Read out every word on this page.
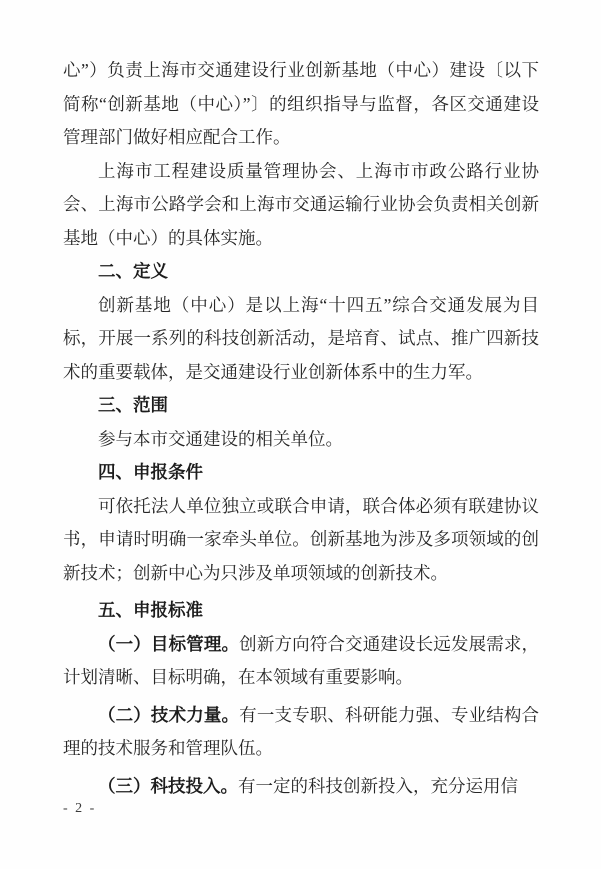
心”）负责上海市交通建设行业创新基地（中心）建设〔以下简称“创新基地（中心）”〕的组织指导与监督，各区交通建设管理部门做好相应配合工作。

上海市工程建设质量管理协会、上海市市政公路行业协会、上海市公路学会和上海市交通运输行业协会负责相关创新基地（中心）的具体实施。

二、定义

创新基地（中心）是以上海“十四五”综合交通发展为目标，开展一系列的科技创新活动，是培育、试点、推广四新技术的重要载体，是交通建设行业创新体系中的生力军。

三、范围

参与本市交通建设的相关单位。

四、申报条件

可依托法人单位独立或联合申请，联合体必须有联建协议书，申请时明确一家牵头单位。创新基地为涉及多项领域的创新技术；创新中心为只涉及单项领域的创新技术。

五、申报标准

（一）目标管理。创新方向符合交通建设长远发展需求，计划清晰、目标明确，在本领域有重要影响。

（二）技术力量。有一支专职、科研能力强、专业结构合理的技术服务和管理队伍。

（三）科技投入。有一定的科技创新投入，充分运用信

- 2 -
